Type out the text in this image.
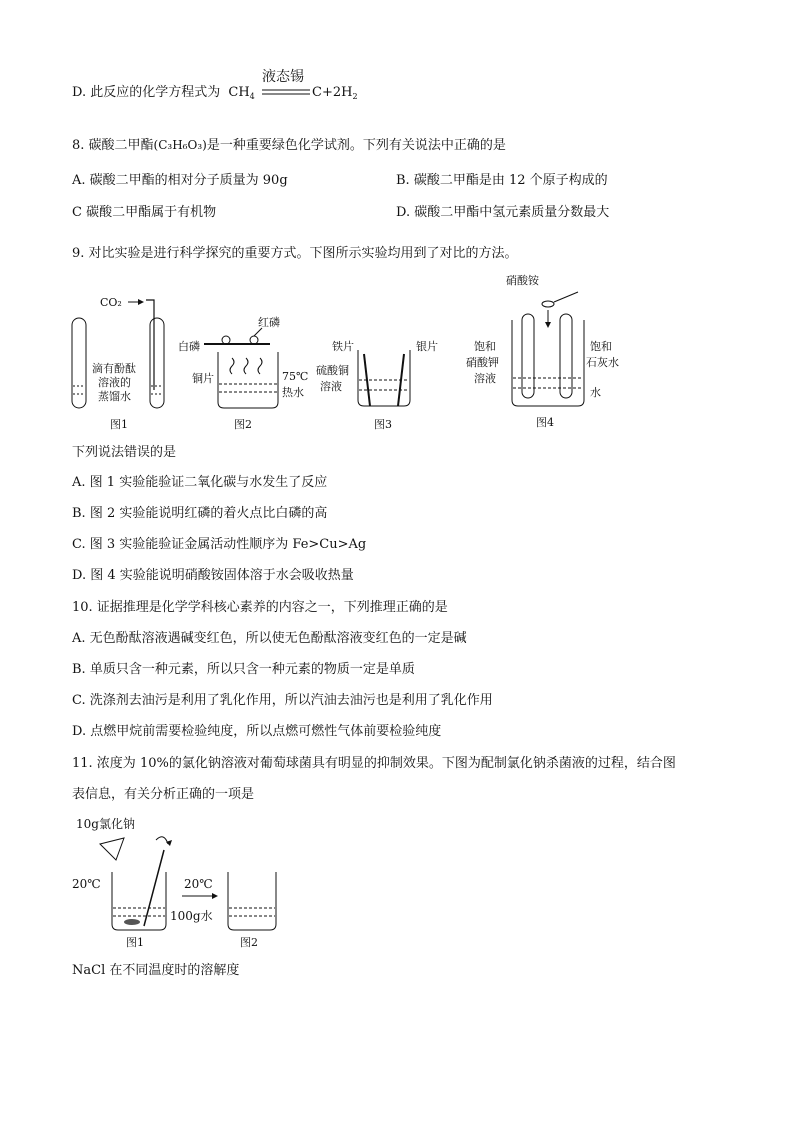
D. 此反应的化学方程式为 $CH_4$
液态锡
$C+2H_2$
8. 碳酸二甲酯(C₃H₆O₃)是一种重要绿色化学试剂。下列有关说法中正确的是
A. 碳酸二甲酯的相对分子质量为 90g	B. 碳酸二甲酯是由 12 个原子构成的
C 碳酸二甲酯属于有机物	D. 碳酸二甲酯中氢元素质量分数最大
9. 对比实验是进行科学探究的重要方式。下图所示实验均用到了对比的方法。
CO₂
滴有酚酞
溶液的
蒸馏水
图1
红磷
白磷
铜片	75℃
热水
图2
铁片	银片
硫酸铜
溶液
图3
硝酸铵
饱和
硝酸钾
溶液
饱和
石灰水
水
图4
下列说法错误的是
A. 图 1 实验能验证二氧化碳与水发生了反应
B. 图 2 实验能说明红磷的着火点比白磷的高
C. 图 3 实验能验证金属活动性顺序为 Fe>Cu>Ag
D. 图 4 实验能说明硝酸铵固体溶于水会吸收热量
10. 证据推理是化学学科核心素养的内容之一，下列推理正确的是
A. 无色酚酞溶液遇碱变红色，所以使无色酚酞溶液变红色的一定是碱
B. 单质只含一种元素，所以只含一种元素的物质一定是单质
C. 洗涤剂去油污是利用了乳化作用，所以汽油去油污也是利用了乳化作用
D. 点燃甲烷前需要检验纯度，所以点燃可燃性气体前要检验纯度
11. 浓度为 10%的氯化钠溶液对葡萄球菌具有明显的抑制效果。下图为配制氯化钠杀菌液的过程，结合图
表信息，有关分析正确的一项是
10g氯化钠
20℃
100g水
20℃
图1	图2
NaCl 在不同温度时的溶解度
